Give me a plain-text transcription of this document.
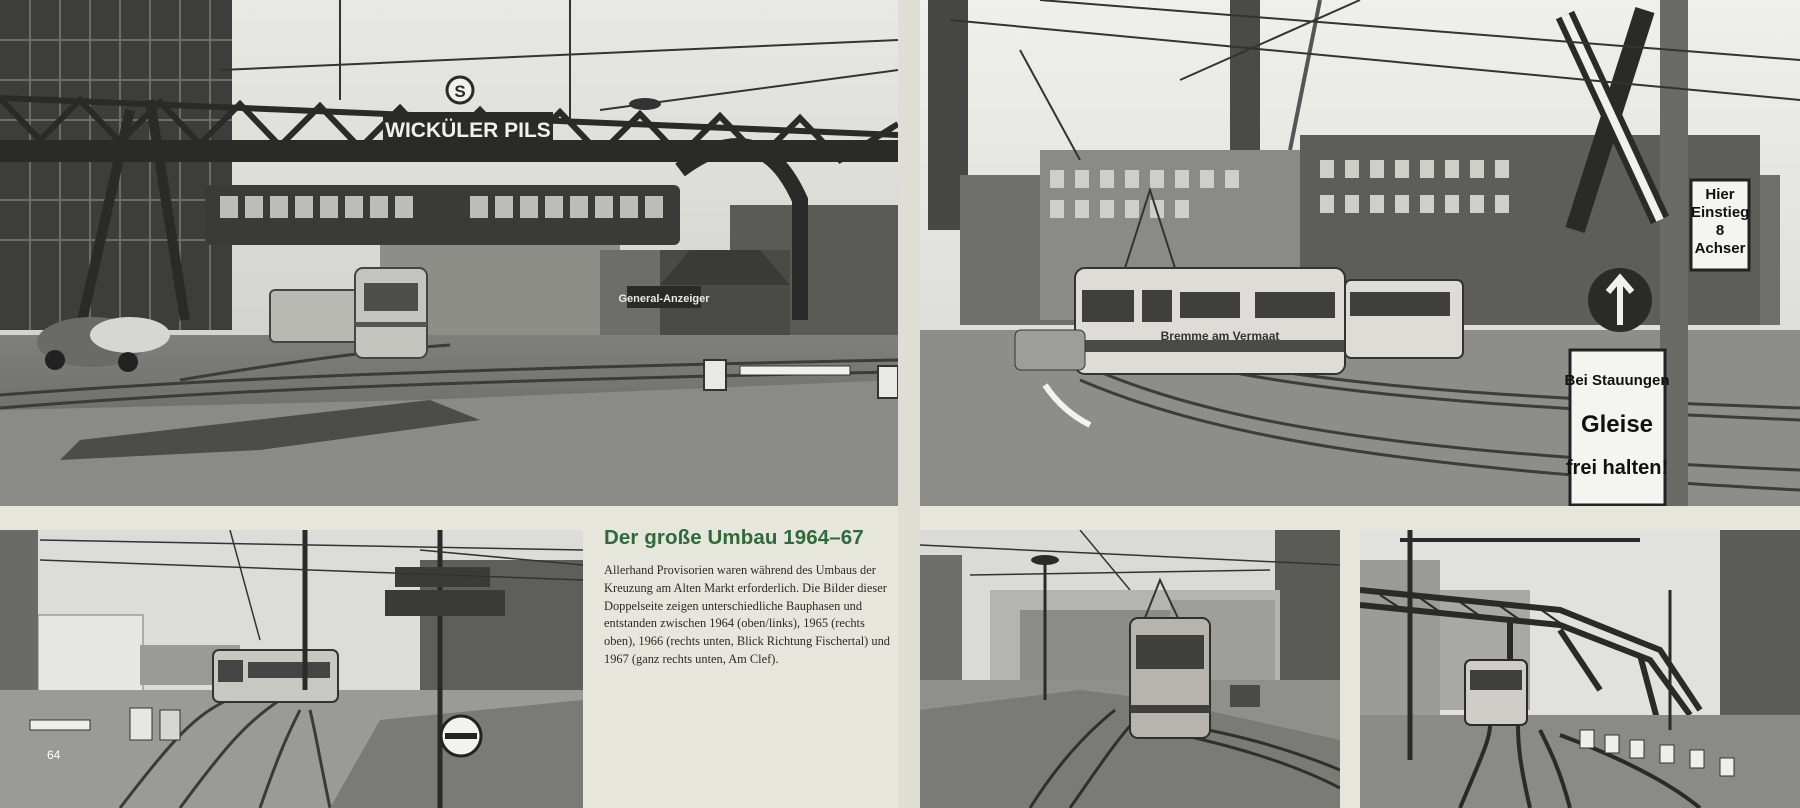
WICKÜLER PILS
S
General-Anzeiger
Bremme am Vermaat
Hier
Einstieg
8 Achser
Bei Stauungen
Gleise
frei halten!
64
Der große Umbau 1964–67
Allerhand Provisorien waren während des Umbaus der Kreuzung am Alten Markt erforderlich. Die Bilder dieser Doppelseite zeigen unterschiedliche Bauphasen und entstanden zwischen 1964 (oben/links), 1965 (rechts oben), 1966 (rechts unten, Blick Richtung Fischertal) und 1967 (ganz rechts unten, Am Clef).
